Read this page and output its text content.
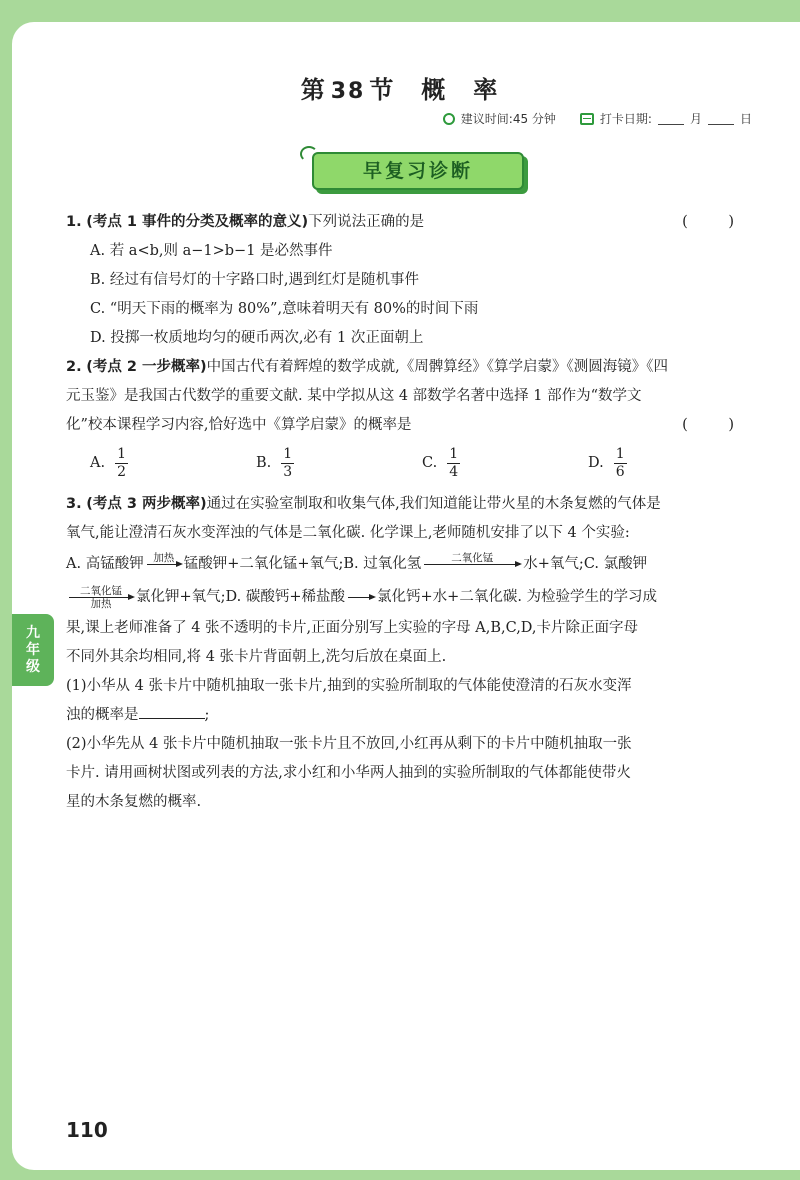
第 38 节　概　率
建议时间:45 分钟	打卡日期:	月	日
早复习诊断
1. (考点 1 事件的分类及概率的意义)下列说法正确的是	( )
A. 若 a<b,则 a−1>b−1 是必然事件
B. 经过有信号灯的十字路口时,遇到红灯是随机事件
C. “明天下雨的概率为 80%”,意味着明天有 80%的时间下雨
D. 投掷一枚质地均匀的硬币两次,必有 1 次正面朝上
2. (考点 2 一步概率)中国古代有着辉煌的数学成就,《周髀算经》《算学启蒙》《测圆海镜》《四
元玉鉴》是我国古代数学的重要文献. 某中学拟从这 4 部数学名著中选择 1 部作为“数学文
化”校本课程学习内容,恰好选中《算学启蒙》的概率是	( )
A. $\frac{1}{2}$	B. $\frac{1}{3}$	C. $\frac{1}{4}$	D. $\frac{1}{6}$
3. (考点 3 两步概率)通过在实验室制取和收集气体,我们知道能让带火星的木条复燃的气体是
氧气,能让澄清石灰水变浑浊的气体是二氧化碳. 化学课上,老师随机安排了以下 4 个实验:
A. 高锰酸钾 加热
锰酸钾+二氧化锰+氧气;B. 过氧化氢	二氧化锰
	水+氧气;C. 氯酸钾
二氧化锰
加热	氯化钾+氧气;D. 碳酸钙+稀盐酸

→ 氯化钙+水+二氧化碳. 为检验学生的学习成
果,课上老师准备了 4 张不透明的卡片,正面分别写上实验的字母 A,B,C,D,卡片除正面字母
不同外其余均相同,将 4 张卡片背面朝上,洗匀后放在桌面上.
(1)小华从 4 张卡片中随机抽取一张卡片,抽到的实验所制取的气体能使澄清的石灰水变浑
浊的概率是	;
(2)小华先从 4 张卡片中随机抽取一张卡片且不放回,小红再从剩下的卡片中随机抽取一张
卡片. 请用画树状图或列表的方法,求小红和小华两人抽到的实验所制取的气体都能使带火
星的木条复燃的概率.
九
年
级
110
